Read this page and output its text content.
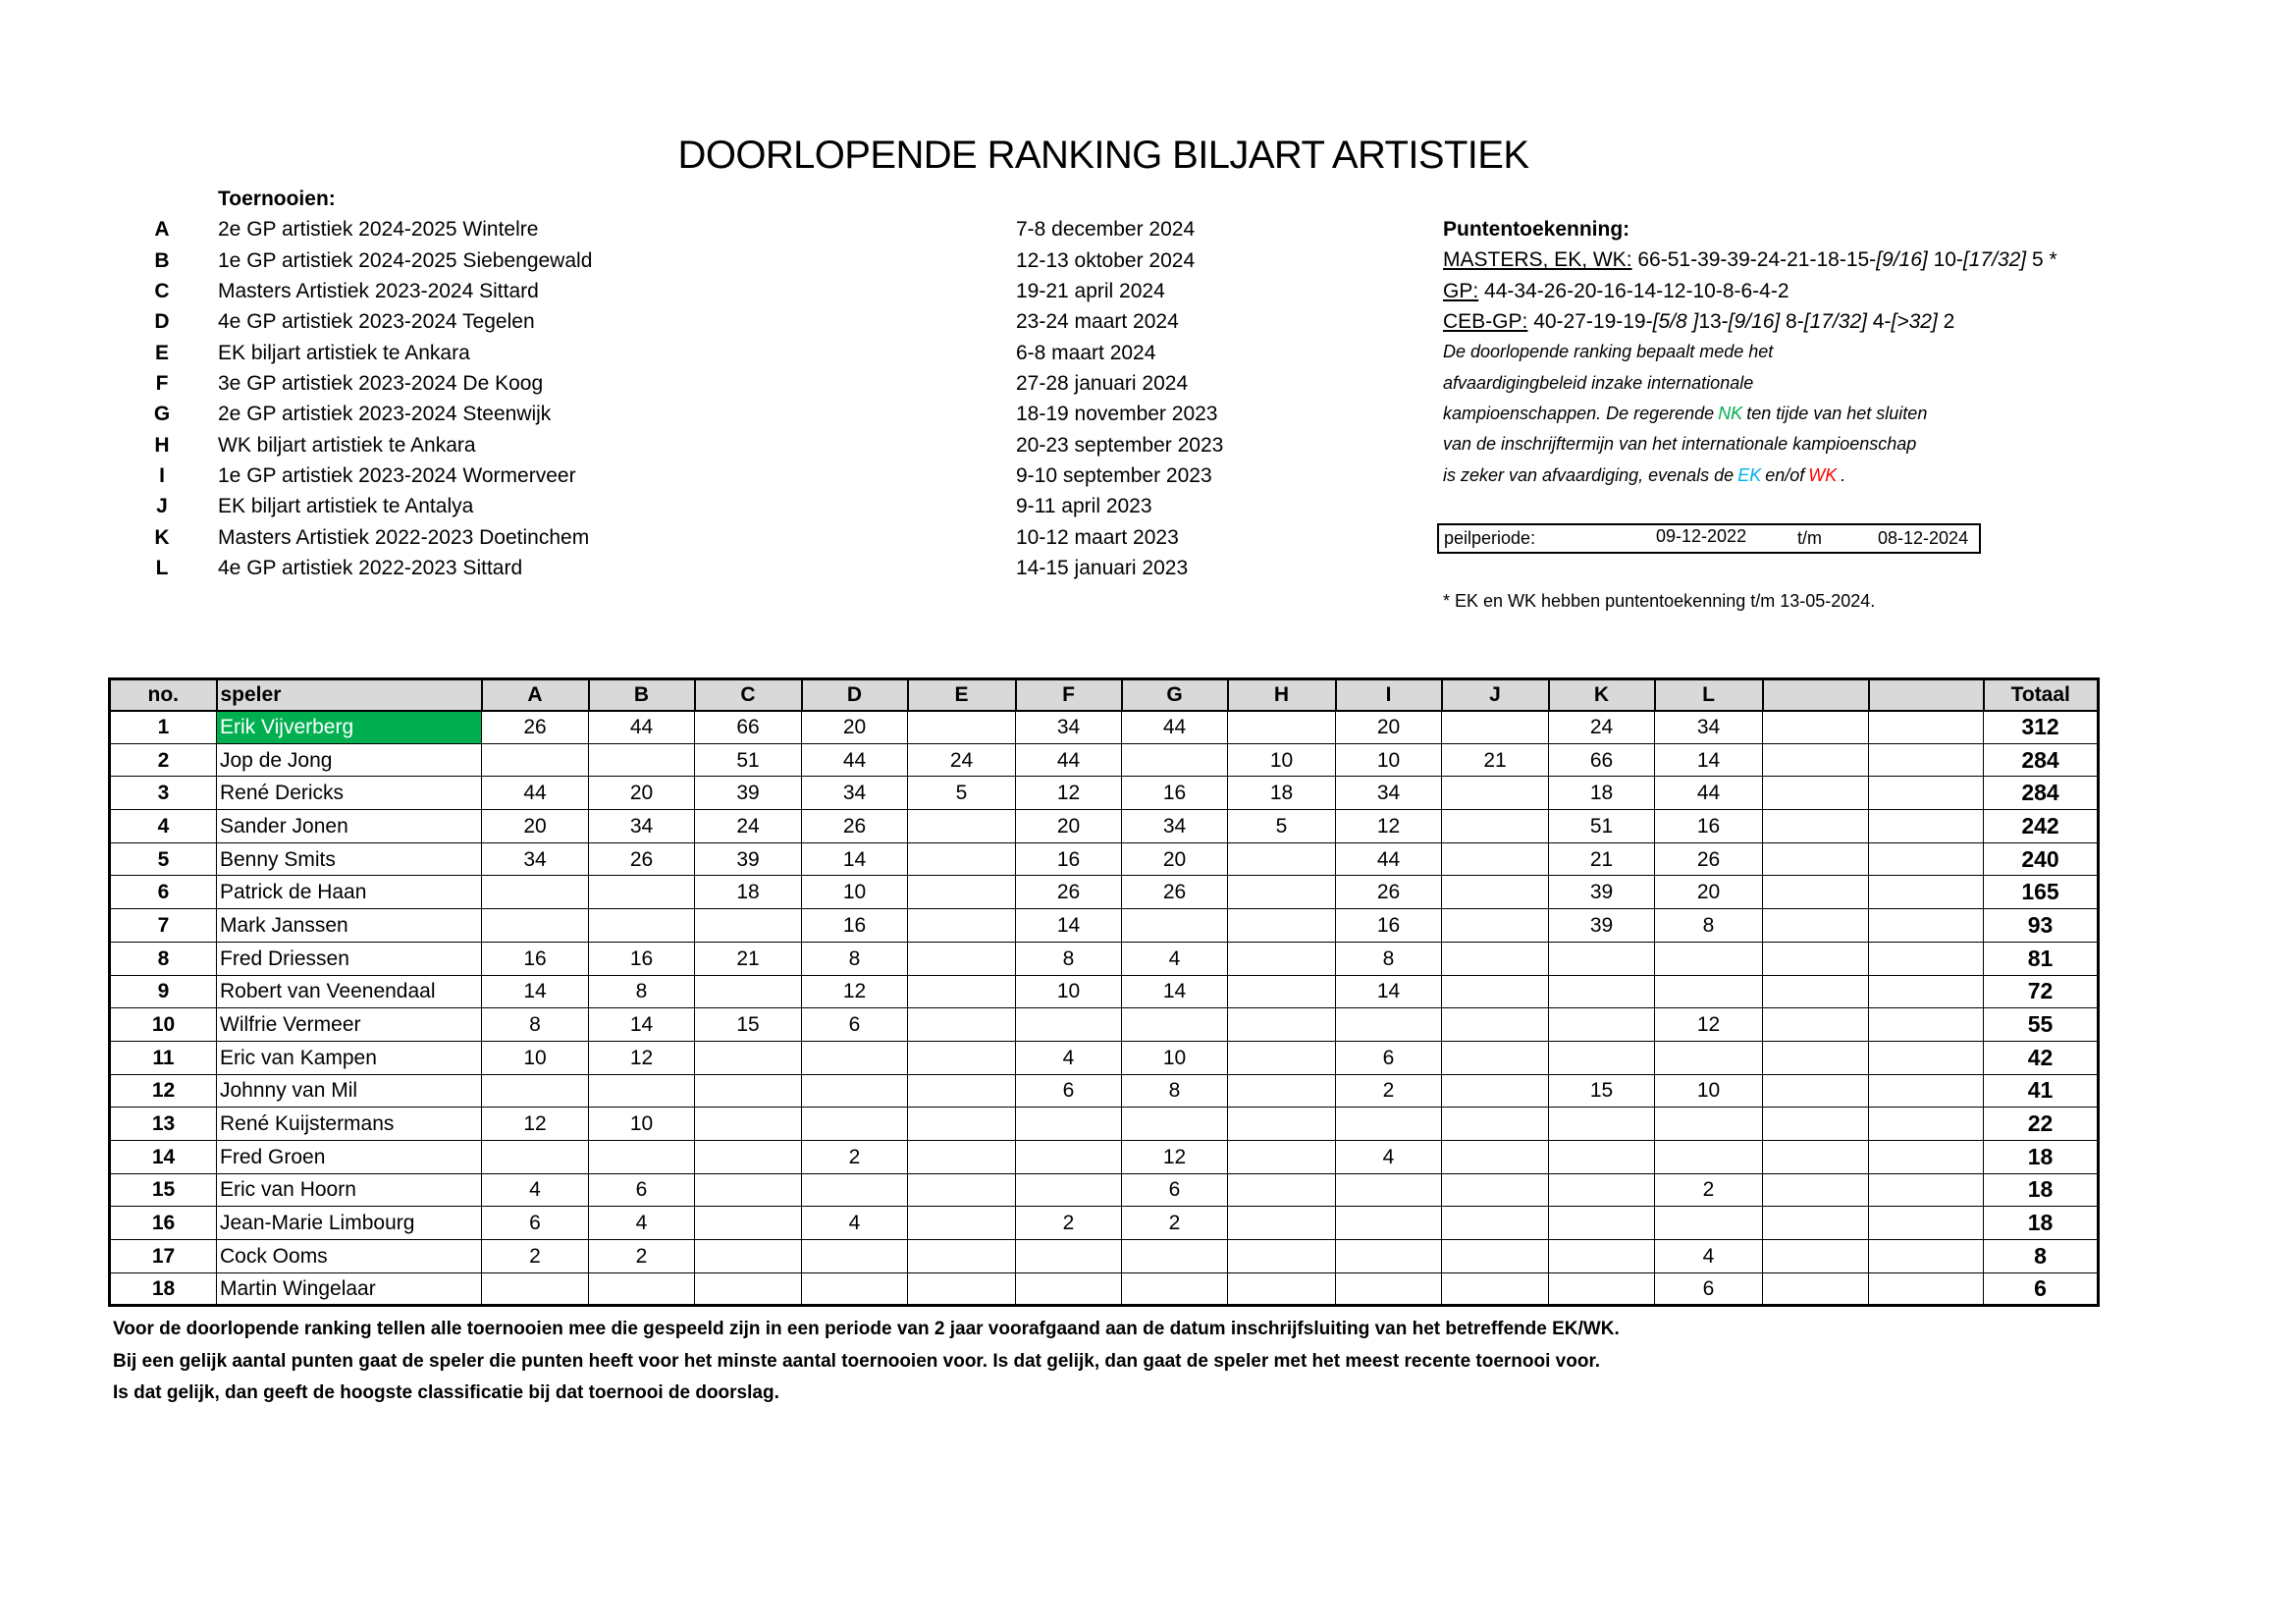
DOORLOPENDE RANKING BILJART ARTISTIEK
Toernooien:
A	2e GP artistiek 2024-2025 Wintelre	7-8 december 2024
B	1e GP artistiek 2024-2025 Siebengewald	12-13 oktober 2024
C	Masters Artistiek 2023-2024 Sittard	19-21 april 2024
D	4e GP artistiek 2023-2024 Tegelen	23-24 maart 2024
E	EK biljart artistiek te Ankara	6-8 maart 2024
F	3e GP artistiek 2023-2024 De Koog	27-28 januari 2024
G	2e GP artistiek 2023-2024 Steenwijk	18-19 november 2023
H	WK biljart artistiek te Ankara	20-23 september 2023
I	1e GP artistiek 2023-2024 Wormerveer	9-10 september 2023
J	EK biljart artistiek te Antalya	9-11 april 2023
K	Masters Artistiek 2022-2023 Doetinchem	10-12 maart 2023
L	4e GP artistiek 2022-2023 Sittard	14-15 januari 2023
Puntentoekenning:
MASTERS, EK, WK: 66-51-39-39-24-21-18-15-[9/16] 10-[17/32] 5 *
GP: 44-34-26-20-16-14-12-10-8-6-4-2
CEB-GP: 40-27-19-19-[5/8 ]13-[9/16] 8-[17/32] 4-[>32] 2
De doorlopende ranking bepaalt mede het
afvaardigingbeleid inzake internationale
kampioenschappen. De regerende NK ten tijde van het sluiten
van de inschrijftermijn van het internationale kampioenschap
is zeker van afvaardiging, evenals de EK en/of WK .
peilperiode:	09-12-2022	t/m	08-12-2024
* EK en WK hebben puntentoekenning t/m 13-05-2024.
no.	speler	A	B	C	D	E	F	G	H	I	J	K	L			Totaal
1	Erik Vijverberg	26	44	66	20		34	44		20		24	34			312
2	Jop de Jong			51	44	24	44		10	10	21	66	14			284
3	René Dericks	44	20	39	34	5	12	16	18	34		18	44			284
4	Sander Jonen	20	34	24	26		20	34	5	12		51	16			242
5	Benny Smits	34	26	39	14		16	20		44		21	26			240
6	Patrick de Haan			18	10		26	26		26		39	20			165
7	Mark Janssen				16		14			16		39	8			93
8	Fred Driessen	16	16	21	8		8	4		8						81
9	Robert van Veenendaal	14	8		12		10	14		14						72
10	Wilfrie Vermeer	8	14	15	6								12			55
11	Eric van Kampen	10	12				4	10		6						42
12	Johnny van Mil						6	8		2		15	10			41
13	René Kuijstermans	12	10													22
14	Fred Groen				2			12		4						18
15	Eric van Hoorn	4	6					6					2			18
16	Jean-Marie Limbourg	6	4		4		2	2								18
17	Cock Ooms	2	2										4			8
18	Martin Wingelaar												6			6
Voor de doorlopende ranking tellen alle toernooien mee die gespeeld zijn in een periode van 2 jaar voorafgaand aan de datum inschrijfsluiting van het betreffende EK/WK.
Bij een gelijk aantal punten gaat de speler die punten heeft voor het minste aantal toernooien voor. Is dat gelijk, dan gaat de speler met het meest recente toernooi voor.
Is dat gelijk, dan geeft de hoogste classificatie bij dat toernooi de doorslag.
